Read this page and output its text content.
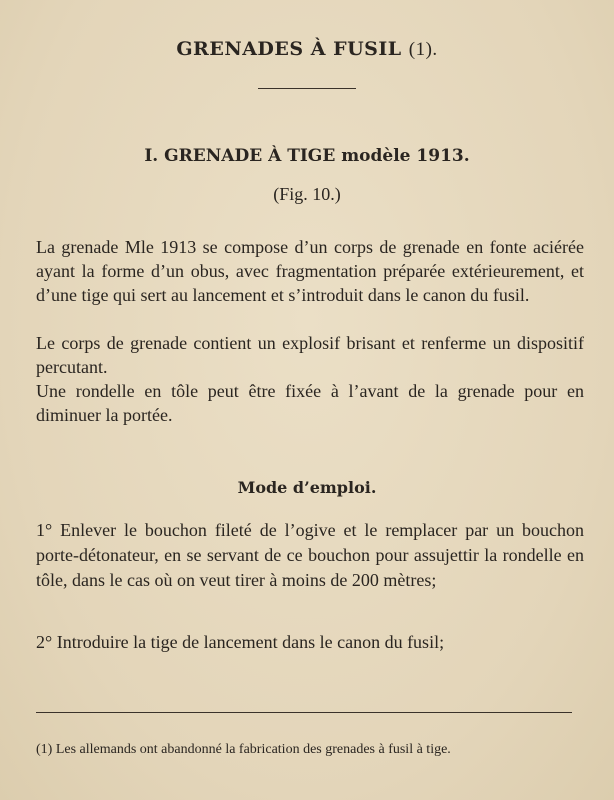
GRENADES À FUSIL (1).
I. GRENADE À TIGE modèle 1913.
(Fig. 10.)
La grenade Mle 1913 se compose d’un corps de grenade en fonte aciérée ayant la forme d’un obus, avec fragmentation préparée extérieurement, et d’une tige qui sert au lancement et s’introduit dans le canon du fusil.
Le corps de grenade contient un explosif brisant et renferme un dispositif percutant.
Une rondelle en tôle peut être fixée à l’avant de la grenade pour en diminuer la portée.
Mode d’emploi.
1° Enlever le bouchon fileté de l’ogive et le remplacer par un bouchon porte-détonateur, en se servant de ce bouchon pour assujettir la rondelle en tôle, dans le cas où on veut tirer à moins de 200 mètres;
2° Introduire la tige de lancement dans le canon du fusil;
(1) Les allemands ont abandonné la fabrication des grenades à fusil à tige.
